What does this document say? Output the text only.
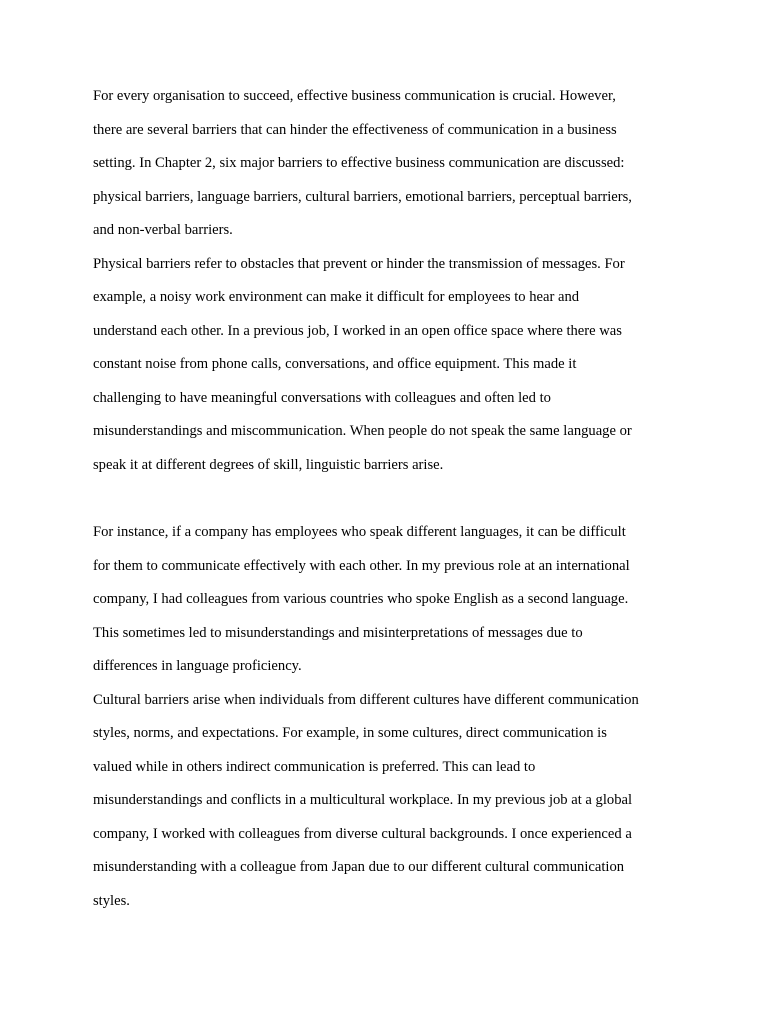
For every organisation to succeed, effective business communication is crucial. However,

there are several barriers that can hinder the effectiveness of communication in a business

setting. In Chapter 2, six major barriers to effective business communication are discussed:

physical barriers, language barriers, cultural barriers, emotional barriers, perceptual barriers,

and non-verbal barriers.

Physical barriers refer to obstacles that prevent or hinder the transmission of messages. For

example, a noisy work environment can make it difficult for employees to hear and

understand each other. In a previous job, I worked in an open office space where there was

constant noise from phone calls, conversations, and office equipment. This made it

challenging to have meaningful conversations with colleagues and often led to

misunderstandings and miscommunication. When people do not speak the same language or

speak it at different degrees of skill, linguistic barriers arise.

For instance, if a company has employees who speak different languages, it can be difficult

for them to communicate effectively with each other. In my previous role at an international

company, I had colleagues from various countries who spoke English as a second language.

This sometimes led to misunderstandings and misinterpretations of messages due to

differences in language proficiency.

Cultural barriers arise when individuals from different cultures have different communication

styles, norms, and expectations. For example, in some cultures, direct communication is

valued while in others indirect communication is preferred. This can lead to

misunderstandings and conflicts in a multicultural workplace. In my previous job at a global

company, I worked with colleagues from diverse cultural backgrounds. I once experienced a

misunderstanding with a colleague from Japan due to our different cultural communication

styles.
